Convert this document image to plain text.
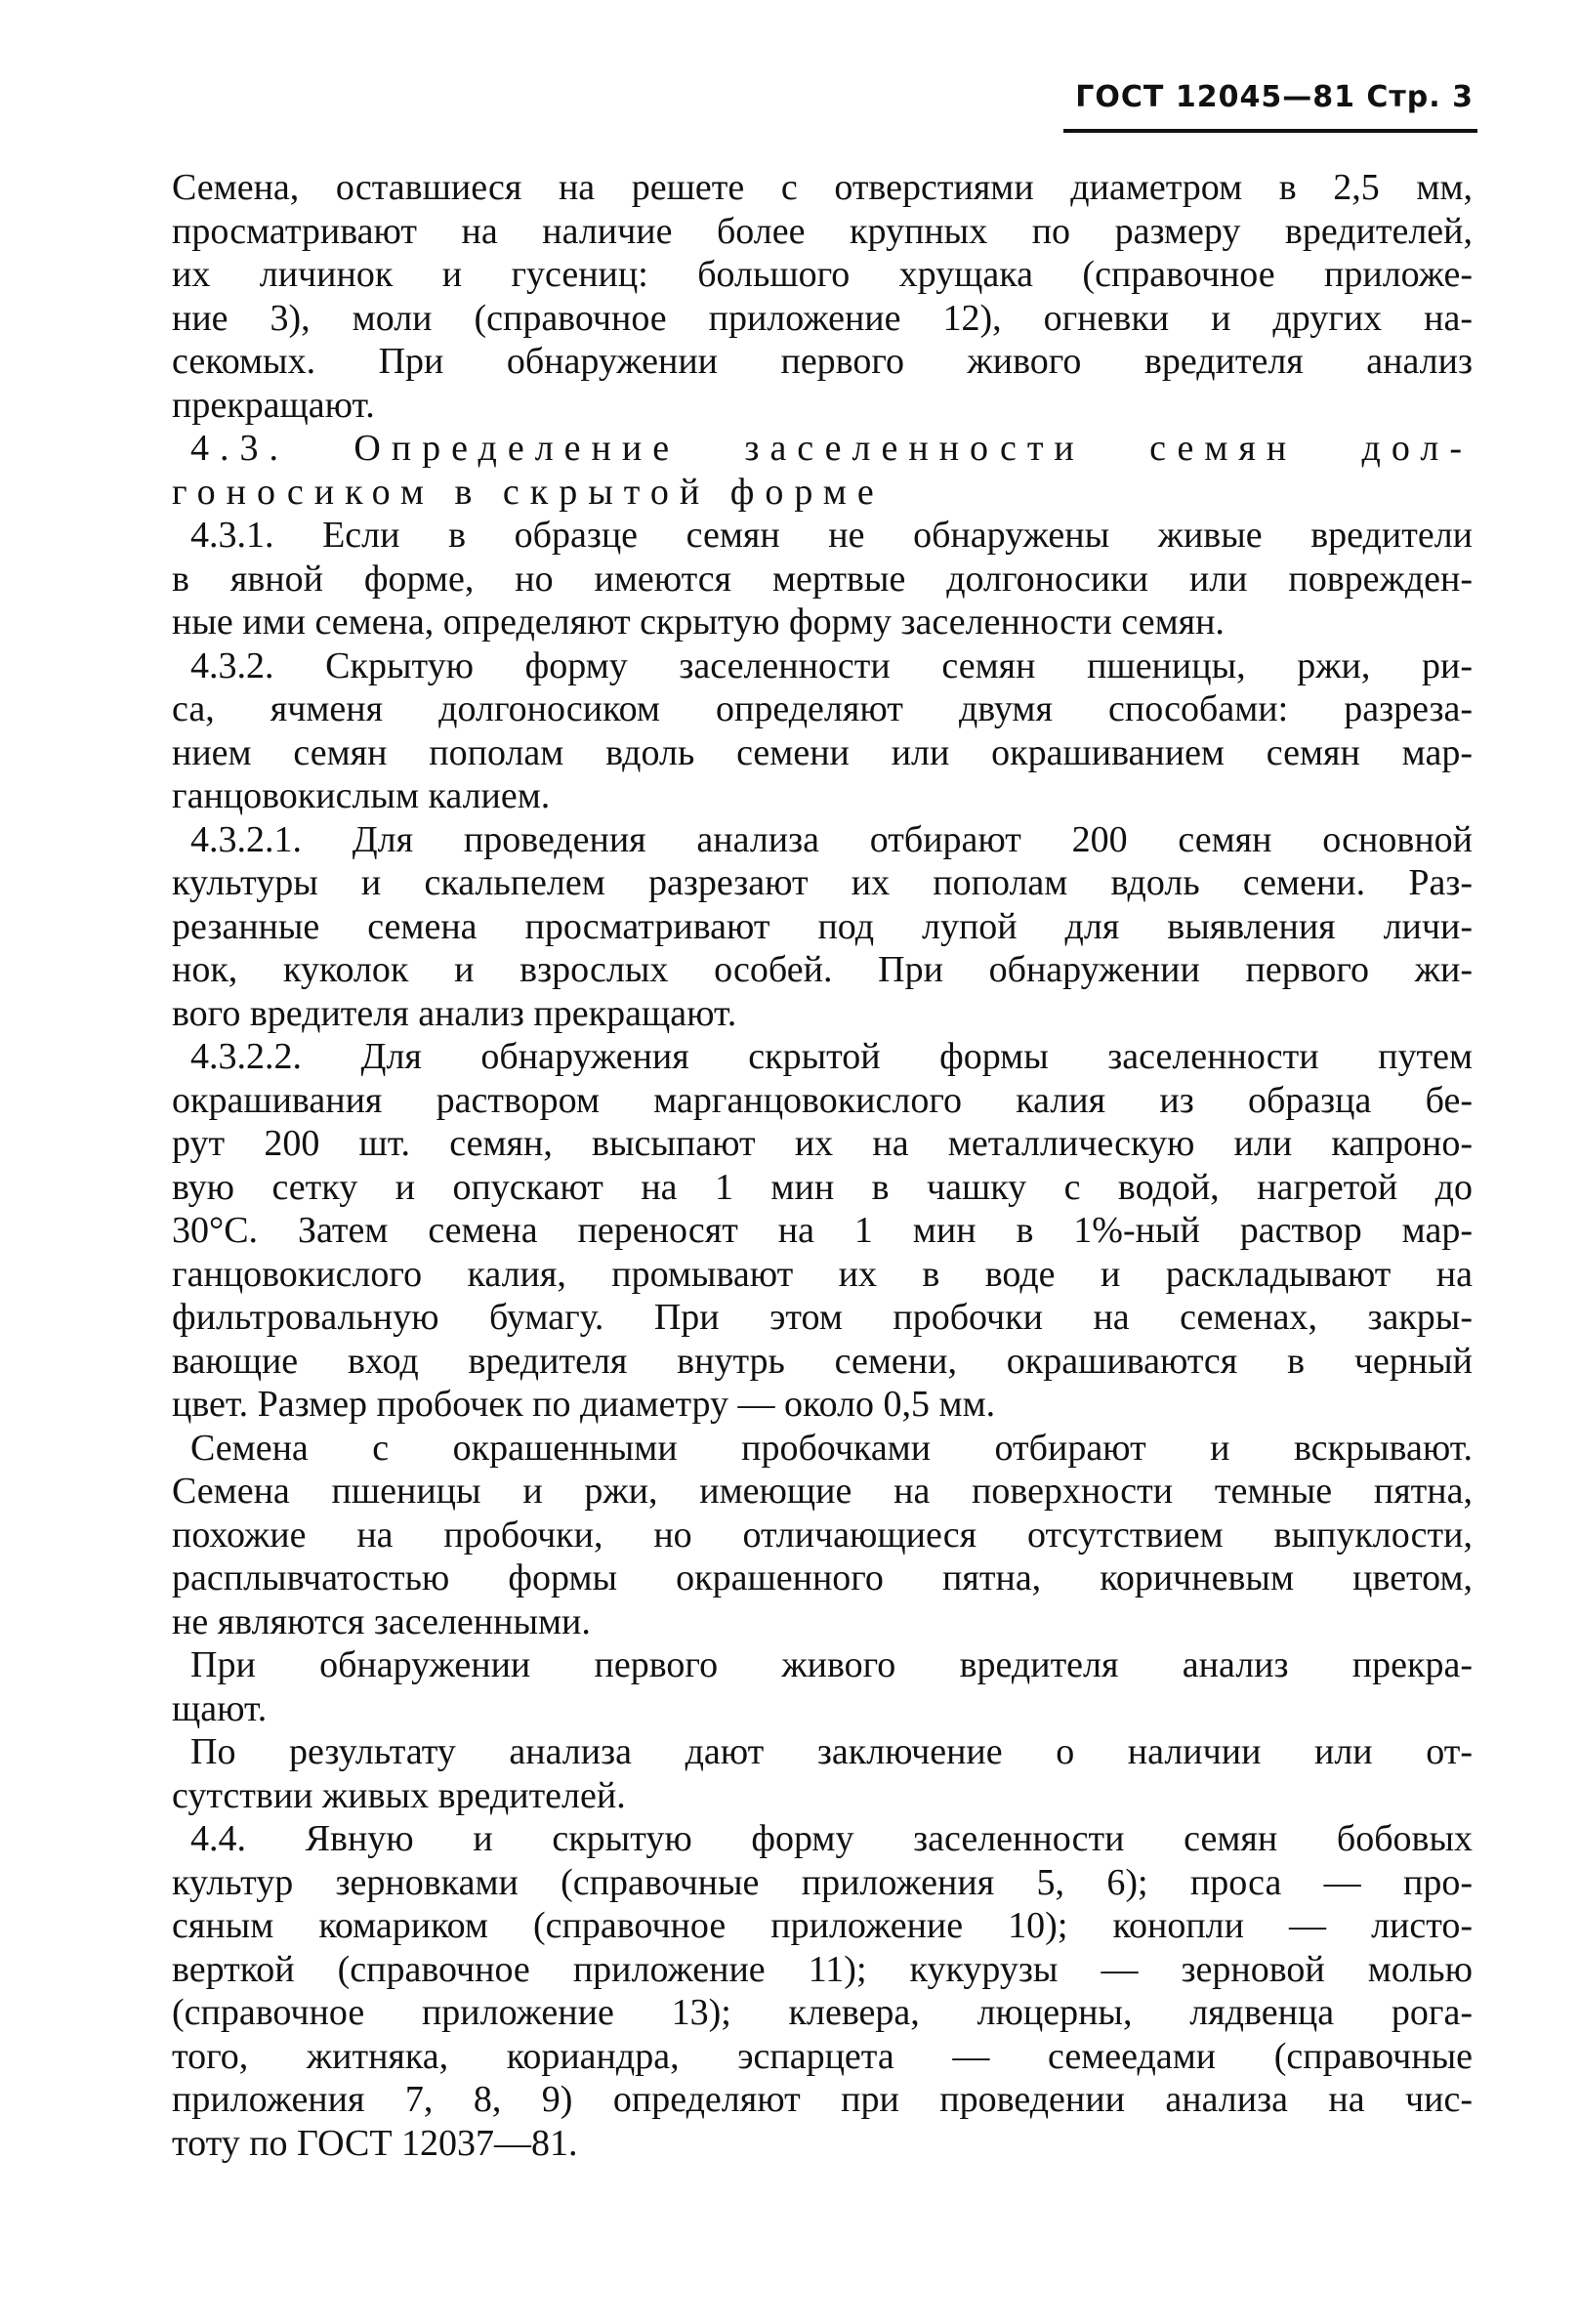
ГОСТ 12045—81 Стр. 3

Семена, оставшиеся на решете с отверстиями диаметром в 2,5 мм,
просматривают на наличие более крупных по размеру вредителей,
их личинок и гусениц: большого хрущака (справочное приложе-
ние 3), моли (справочное приложение 12), огневки и других на-
секомых. При обнаружении первого живого вредителя анализ
прекращают.

4.3. Определение заселенности семян дол-
гоносиком в скрытой форме

4.3.1. Если в образце семян не обнаружены живые вредители
в явной форме, но имеются мертвые долгоносики или поврежден-
ные ими семена, определяют скрытую форму заселенности семян.

4.3.2. Скрытую форму заселенности семян пшеницы, ржи, ри-
са, ячменя долгоносиком определяют двумя способами: разреза-
нием семян пополам вдоль семени или окрашиванием семян мар-
ганцовокислым калием.

4.3.2.1. Для проведения анализа отбирают 200 семян основной
культуры и скальпелем разрезают их пополам вдоль семени. Раз-
резанные семена просматривают под лупой для выявления личи-
нок, куколок и взрослых особей. При обнаружении первого жи-
вого вредителя анализ прекращают.

4.3.2.2. Для обнаружения скрытой формы заселенности путем
окрашивания раствором марганцовокислого калия из образца бе-
рут 200 шт. семян, высыпают их на металлическую или капроно-
вую сетку и опускают на 1 мин в чашку с водой, нагретой до
30°С. Затем семена переносят на 1 мин в 1%-ный раствор мар-
ганцовокислого калия, промывают их в воде и раскладывают на
фильтровальную бумагу. При этом пробочки на семенах, закры-
вающие вход вредителя внутрь семени, окрашиваются в черный
цвет. Размер пробочек по диаметру — около 0,5 мм.

Семена с окрашенными пробочками отбирают и вскрывают.
Семена пшеницы и ржи, имеющие на поверхности темные пятна,
похожие на пробочки, но отличающиеся отсутствием выпуклости,
расплывчатостью формы окрашенного пятна, коричневым цветом,
не являются заселенными.

При обнаружении первого живого вредителя анализ прекра-
щают.

По результату анализа дают заключение о наличии или от-
сутствии живых вредителей.

4.4. Явную и скрытую форму заселенности семян бобовых
культур зерновками (справочные приложения 5, 6); проса — про-
сяным комариком (справочное приложение 10); конопли — листо-
верткой (справочное приложение 11); кукурузы — зерновой молью
(справочное приложение 13); клевера, люцерны, лядвенца рога-
того, житняка, кориандра, эспарцета — семеедами (справочные
приложения 7, 8, 9) определяют при проведении анализа на чис-
тоту по ГОСТ 12037—81.
